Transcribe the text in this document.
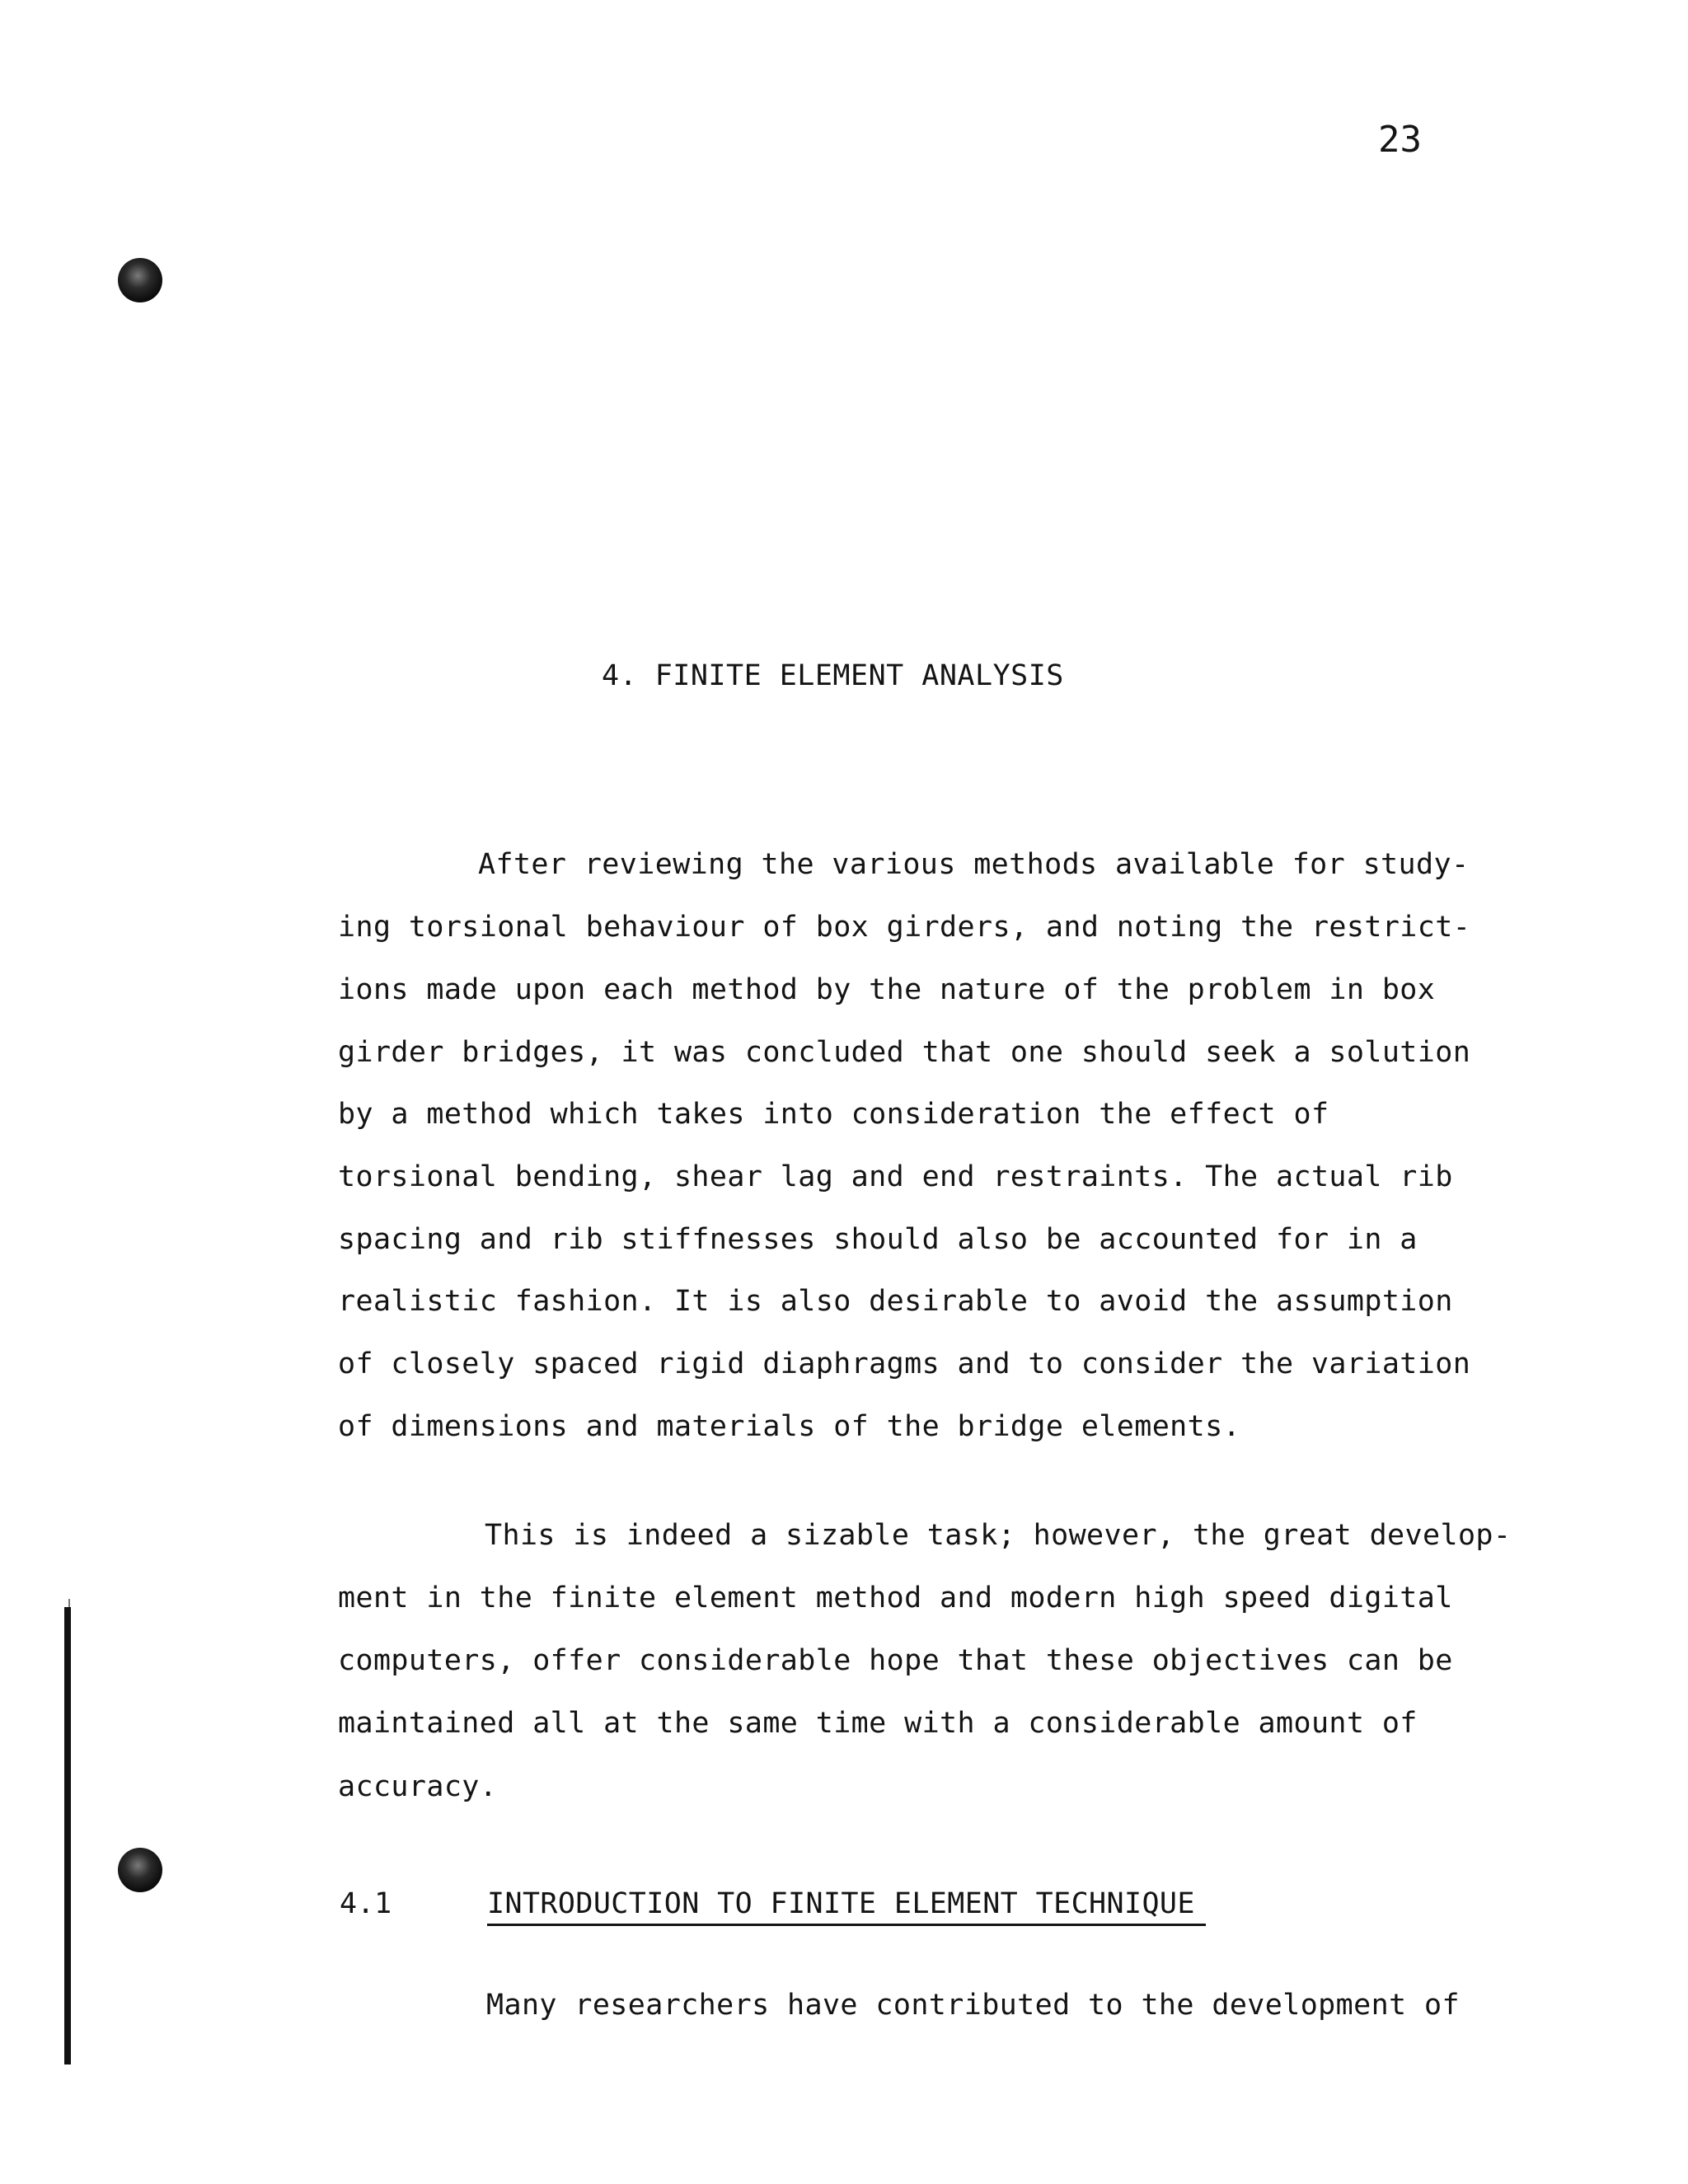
23
4. FINITE ELEMENT ANALYSIS
After reviewing the various methods available for study-
ing torsional behaviour of box girders, and noting the restrict-
ions made upon each method by the nature of the problem in box
girder bridges, it was concluded that one should seek a solution
by a method which takes into consideration the effect of
torsional bending, shear lag and end restraints. The actual rib
spacing and rib stiffnesses should also be accounted for in a
realistic fashion. It is also desirable to avoid the assumption
of closely spaced rigid diaphragms and to consider the variation
of dimensions and materials of the bridge elements.
This is indeed a sizable task; however, the great develop-
ment in the finite element method and modern high speed digital
computers, offer considerable hope that these objectives can be
maintained all at the same time with a considerable amount of
accuracy.
4.1	INTRODUCTION TO FINITE ELEMENT TECHNIQUE
Many researchers have contributed to the development of
